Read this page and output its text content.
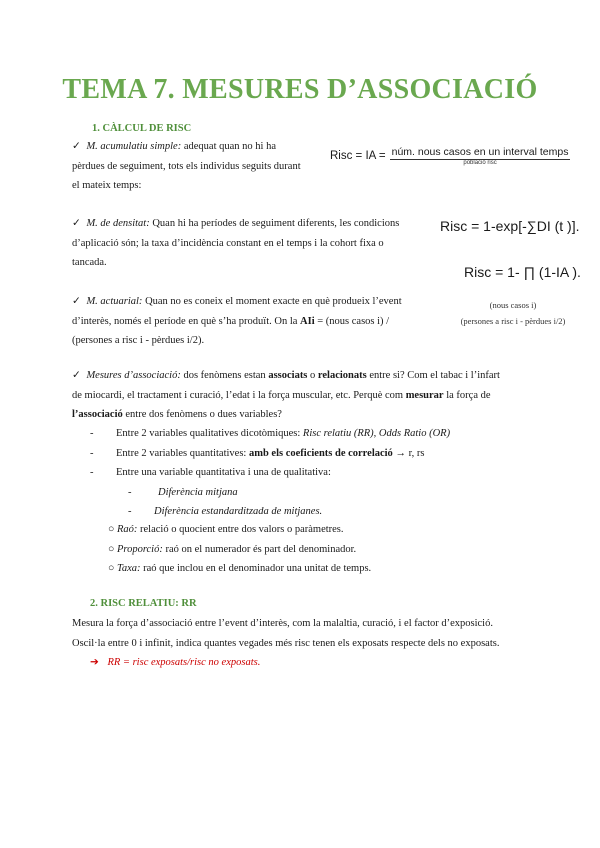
TEMA 7. MESURES D’ASSOCIACIÓ
1. CÀLCUL DE RISC
✓ M. acumulatiu simple: adequat quan no hi ha
pèrdues de seguiment, tots els individus seguits durant
el mateix temps:
Risc = IA = $\frac{\text{núm. nous casos en un interval temps}}{\text{població risc}}$
✓ M. de densitat: Quan hi ha períodes de seguiment diferents, les condicions
d’aplicació són; la taxa d’incidència constant en el temps i la cohort fixa o
tancada.
Risc = 1-exp[-∑DI (t )].
Risc = 1- ∏ (1-IA ).
✓ M. actuarial: Quan no es coneix el moment exacte en què produeix l’event
d’interès, només el període en què s’ha produït. On la AIi = (nous casos i) /
(persones a risc i - pèrdues i/2).
(nous casos i)
(persones a risc i - pèrdues i/2)
✓ Mesures d’associació: dos fenòmens estan associats o relacionats entre si? Com el tabac i l’infart
de miocardi, el tractament i curació, l’edat i la força muscular, etc. Perquè com mesurar la força de
l’associació entre dos fenòmens o dues variables?
- Entre 2 variables qualitatives dicotòmiques: Risc relatiu (RR), Odds Ratio (OR)
- Entre 2 variables quantitatives: amb els coeficients de correlació → r, rs
- Entre una variable quantitativa i una de qualitativa:
-	Diferència mitjana
- Diferència estandarditzada de mitjanes.
○ Raó: relació o quocient entre dos valors o paràmetres.
○ Proporció: raó on el numerador és part del denominador.
○ Taxa: raó que inclou en el denominador una unitat de temps.
2. RISC RELATIU: RR
Mesura la força d’associació entre l’event d’interès, com la malaltia, curació, i el factor d’exposició.
Oscil·la entre 0 i infinit, indica quantes vegades més risc tenen els exposats respecte dels no exposats.
➔ RR = risc exposats/risc no exposats.
